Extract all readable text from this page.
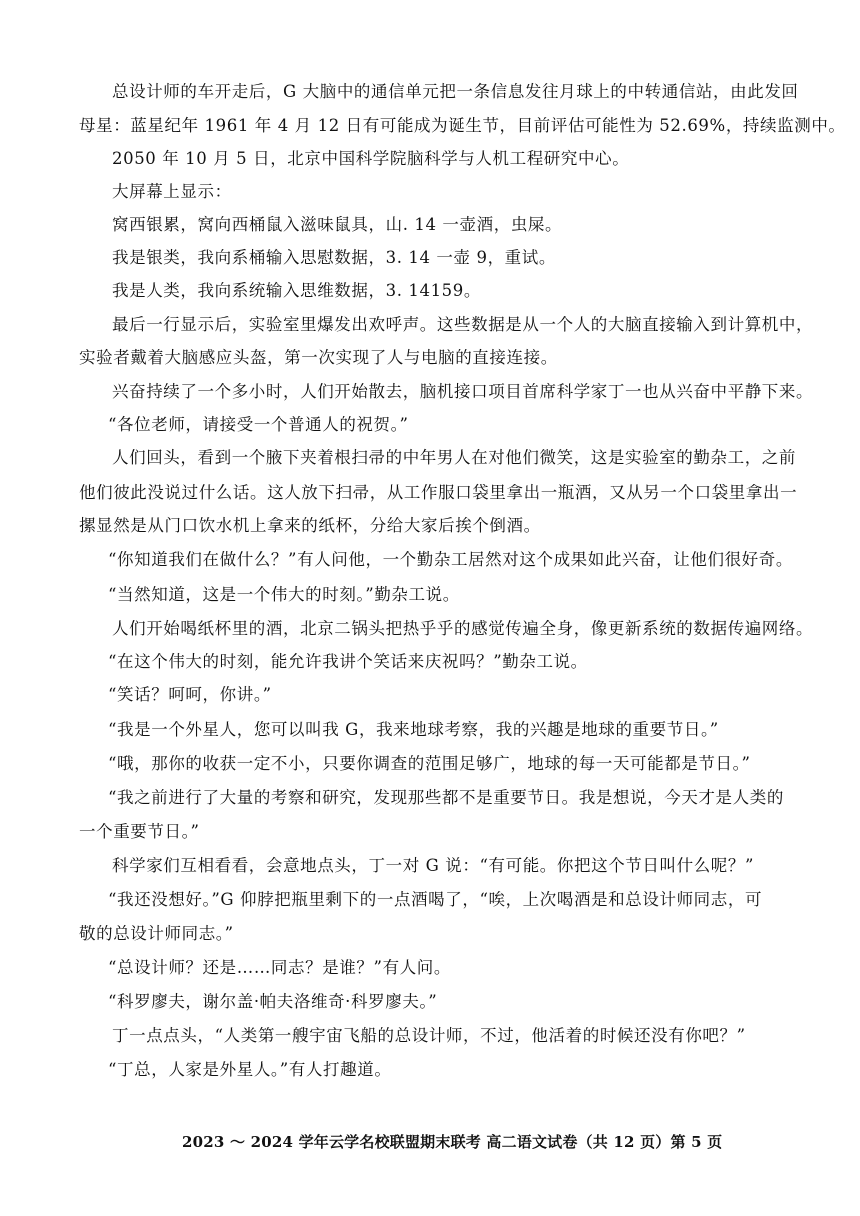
总设计师的车开走后，G 大脑中的通信单元把一条信息发往月球上的中转通信站，由此发回
母星：蓝星纪年 1961 年 4 月 12 日有可能成为诞生节，目前评估可能性为 52.69%，持续监测中。
2050 年 10 月 5 日，北京中国科学院脑科学与人机工程研究中心。
大屏幕上显示：
窝西银累，窝向西桶鼠入滋味鼠具，山. 14 一壶酒，虫屎。
我是银类，我向系桶输入思慰数据，3. 14 一壶 9，重试。
我是人类，我向系统输入思维数据，3. 14159。
最后一行显示后，实验室里爆发出欢呼声。这些数据是从一个人的大脑直接输入到计算机中，
实验者戴着大脑感应头盔，第一次实现了人与电脑的直接连接。
兴奋持续了一个多小时，人们开始散去，脑机接口项目首席科学家丁一也从兴奋中平静下来。
“各位老师，请接受一个普通人的祝贺。”
人们回头，看到一个腋下夹着根扫帚的中年男人在对他们微笑，这是实验室的勤杂工，之前
他们彼此没说过什么话。这人放下扫帚，从工作服口袋里拿出一瓶酒，又从另一个口袋里拿出一
摞显然是从门口饮水机上拿来的纸杯，分给大家后挨个倒酒。
“你知道我们在做什么？”有人问他，一个勤杂工居然对这个成果如此兴奋，让他们很好奇。
“当然知道，这是一个伟大的时刻。”勤杂工说。
人们开始喝纸杯里的酒，北京二锅头把热乎乎的感觉传遍全身，像更新系统的数据传遍网络。
“在这个伟大的时刻，能允许我讲个笑话来庆祝吗？”勤杂工说。
“笑话？呵呵，你讲。”
“我是一个外星人，您可以叫我 G，我来地球考察，我的兴趣是地球的重要节日。”
“哦，那你的收获一定不小，只要你调查的范围足够广，地球的每一天可能都是节日。”
“我之前进行了大量的考察和研究，发现那些都不是重要节日。我是想说，今天才是人类的
一个重要节日。”
科学家们互相看看，会意地点头，丁一对 G 说：“有可能。你把这个节日叫什么呢？”
“我还没想好。”G 仰脖把瓶里剩下的一点酒喝了，“唉，上次喝酒是和总设计师同志，可
敬的总设计师同志。”
“总设计师？还是……同志？是谁？”有人问。
“科罗廖夫，谢尔盖·帕夫洛维奇·科罗廖夫。”
丁一点点头，“人类第一艘宇宙飞船的总设计师，不过，他活着的时候还没有你吧？”
“丁总，人家是外星人。”有人打趣道。
2023 ～ 2024 学年云学名校联盟期末联考 高二语文试卷（共 12 页）第 5 页
